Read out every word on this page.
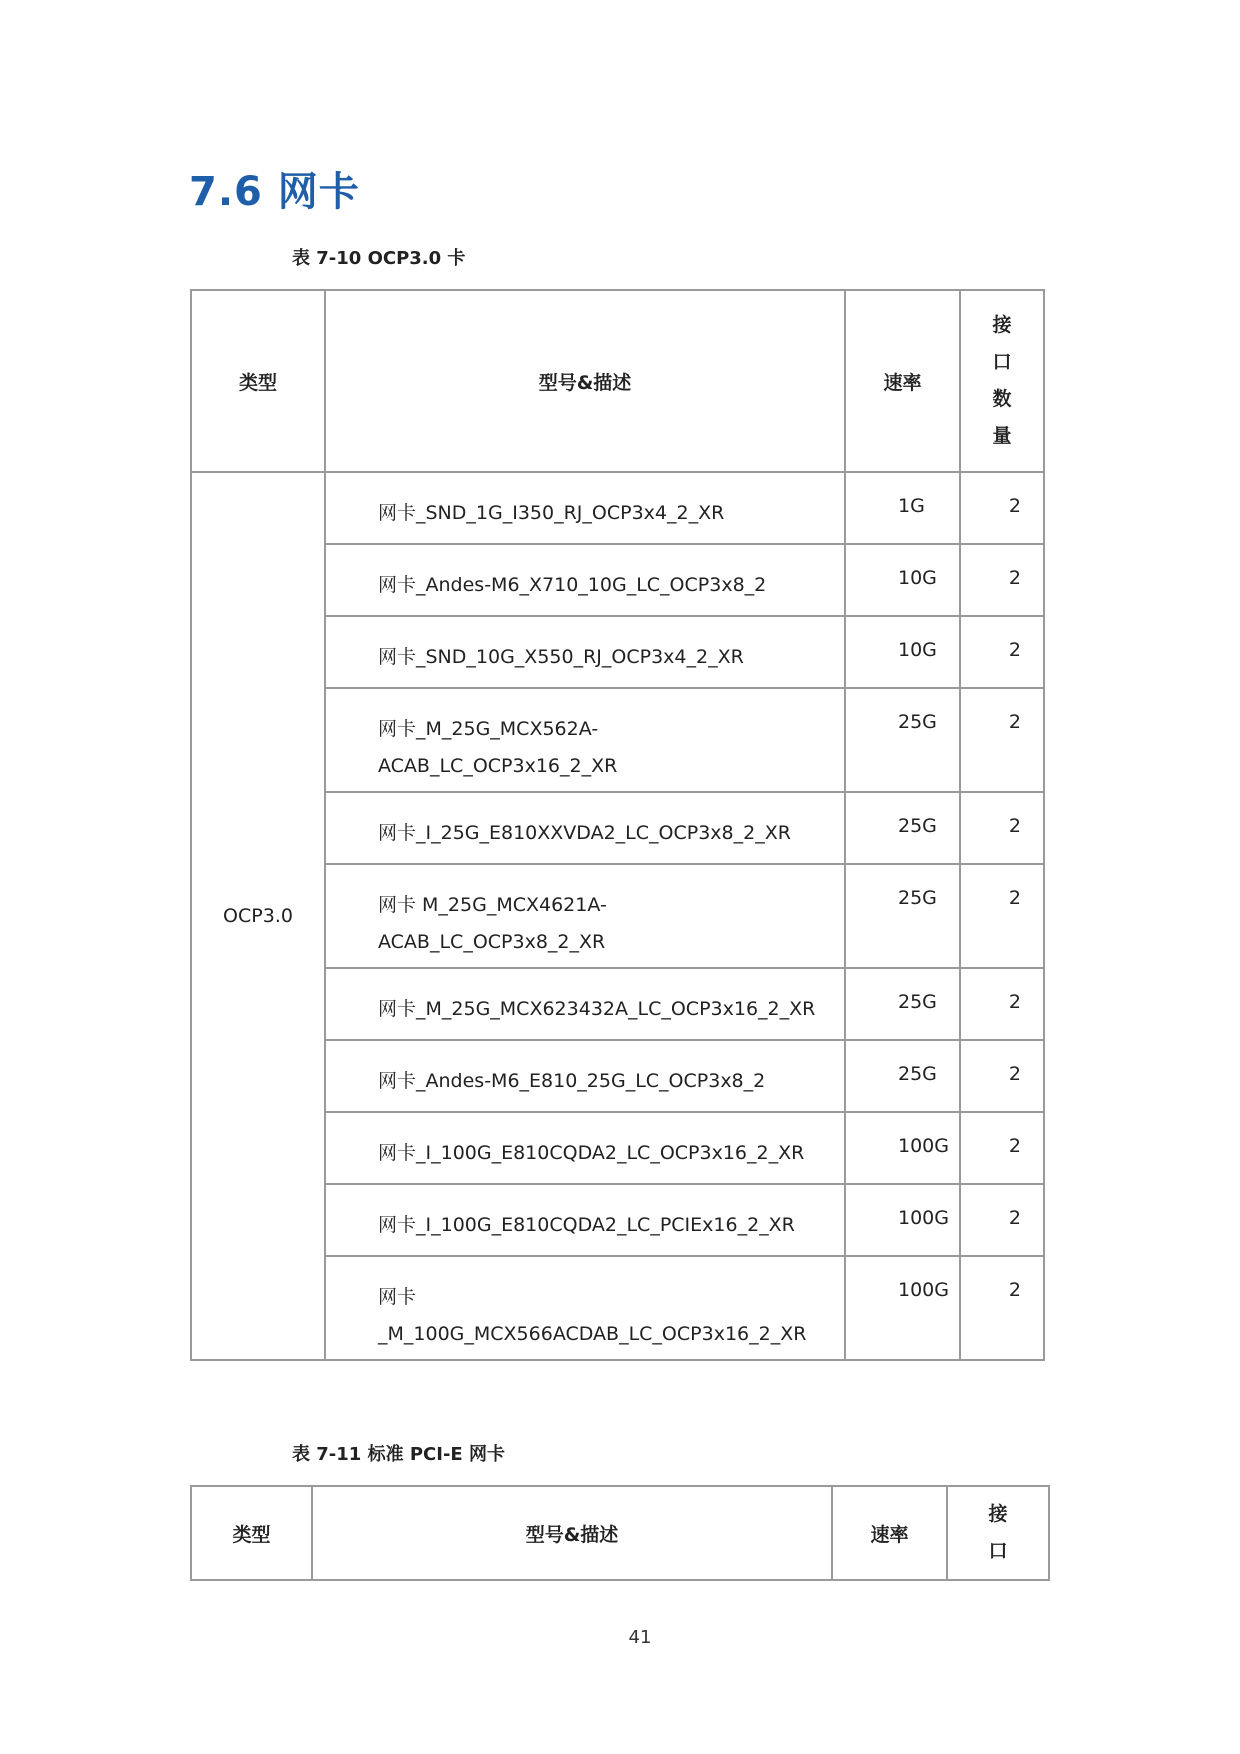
7.6 网卡
表 7-10 OCP3.0 卡
类型	型号&描述	速率	接
口
数
量

OCP3.0	网卡_SND_1G_I350_RJ_OCP3x4_2_XR	1G	2
	网卡_Andes-M6_X710_10G_LC_OCP3x8_2	10G	2
	网卡_SND_10G_X550_RJ_OCP3x4_2_XR	10G	2
	网卡_M_25G_MCX562A-
ACAB_LC_OCP3x16_2_XR	25G	2
	网卡_I_25G_E810XXVDA2_LC_OCP3x8_2_XR	25G	2
	网卡 M_25G_MCX4621A-
ACAB_LC_OCP3x8_2_XR	25G	2
	网卡_M_25G_MCX623432A_LC_OCP3x16_2_XR	25G	2
	网卡_Andes-M6_E810_25G_LC_OCP3x8_2	25G	2
	网卡_I_100G_E810CQDA2_LC_OCP3x16_2_XR	100G	2
	网卡_I_100G_E810CQDA2_LC_PCIEx16_2_XR	100G	2
	网卡
_M_100G_MCX566ACDAB_LC_OCP3x16_2_XR	100G	2
表 7-11 标准 PCI-E 网卡
类型	型号&描述	速率	
接
口
41
